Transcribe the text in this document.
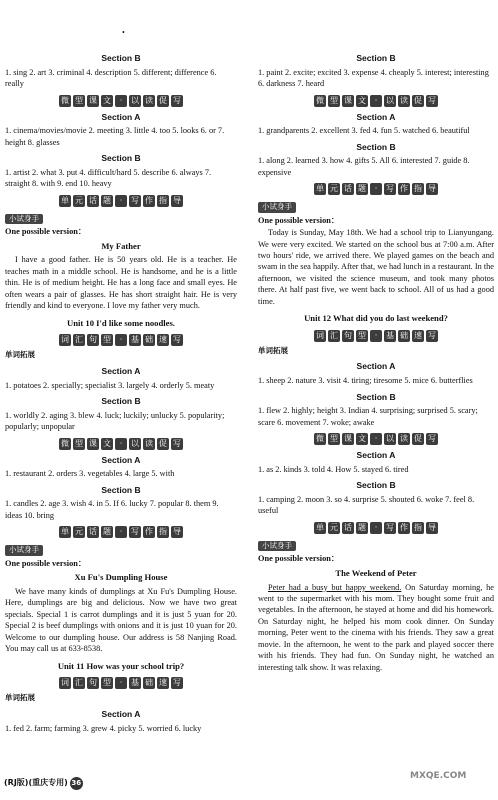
•
Section B

1. sing 2. art 3. criminal 4. description 5. different; difference 6. really

微 型 课 文	·	以 读 促 写
Section A

1. cinema/movies/movie 2. meeting 3. little 4. too 5. looks 6. or 7. height 8. glasses

Section B

1. artist 2. what 3. put 4. difficult/hard 5. describe 6. always 7. straight 8. with 9. end 10. heavy

单 元 话 题	·	写 作 指 导
小试身手
One possible version：
My Father

I have a good father. He is 50 years old. He is a teacher. He teaches math in a middle school. He is handsome, and he is a little thin. He is of medium height. He has a long face and small eyes. He often wears a pair of glasses. He has short straight hair. He is very friendly and kind to everyone. I love my father very much.

Unit 10 I'd like some noodles.
词 汇 句 型	·	基 础 速 写
单词拓展
Section A

1. potatoes 2. specially; specialist 3. largely 4. orderly 5. meaty

Section B

1. worldly 2. aging 3. blew 4. luck; luckily; unlucky 5. popularity; popularly; unpopular

微 型 课 文	·	以 读 促 写
Section A

1. restaurant 2. orders 3. vegetables 4. large 5. with

Section B

1. candles 2. age 3. wish 4. in 5. If 6. lucky 7. popular 8. them 9. ideas 10. bring

单 元 话 题	·	写 作 指 导
小试身手
One possible version：
Xu Fu's Dumpling House

We have many kinds of dumplings at Xu Fu's Dumpling House. Here, dumplings are big and delicious. Now we have two great specials. Special 1 is carrot dumplings and it is just 5 yuan for 20. Special 2 is beef dumplings with onions and it is just 10 yuan for 20. Welcome to our dumpling house. Our address is 58 Nanjing Road. You may call us at 633-8538.

Unit 11 How was your school trip?
词 汇 句 型	·	基 础 速 写
单词拓展
Section A

1. fed 2. farm; farming 3. grew 4. picky 5. worried 6. lucky

Section B

1. paint 2. excite; excited 3. expense 4. cheaply 5. interest; interesting 6. darkness 7. heard

微 型 课 文	·	以 读 促 写
Section A

1. grandparents 2. excellent 3. fed 4. fun 5. watched 6. beautiful

Section B

1. along 2. learned 3. how 4. gifts 5. All 6. interested 7. guide 8. expensive

单 元 话 题	·	写 作 指 导
小试身手
One possible version：

Today is Sunday, May 18th. We had a school trip to Lianyungang. We were very excited. We started on the school bus at 7:00 a.m. After two hours' ride, we arrived there. We played games on the beach and swam in the sea happily. After that, we had lunch in a restaurant. In the afternoon, we visited the science museum, and took many photos there. At half past five, we went back to school. All of us had a good time.

Unit 12 What did you do last weekend?
词 汇 句 型	·	基 础 速 写
单词拓展
Section A

1. sheep 2. nature 3. visit 4. tiring; tiresome 5. mice 6. butterflies

Section B

1. flew 2. highly; height 3. Indian 4. surprising; surprised 5. scary; scare 6. movement 7. woke; awake

微 型 课 文	·	以 读 促 写
Section A

1. as 2. kinds 3. told 4. How 5. stayed 6. tired

Section B

1. camping 2. moon 3. so 4. surprise 5. shouted 6. woke 7. feel 8. useful

单 元 话 题	·	写 作 指 导
小试身手
One possible version：
The Weekend of Peter

Peter had a busy but happy weekend. On Saturday morning, he went to the supermarket with his mom. They bought some fruit and vegetables. In the afternoon, he stayed at home and did his homework. On Saturday night, he helped his mom cook dinner. On Sunday morning, Peter went to the cinema with his friends. They saw a great movie. In the afternoon, he went to the park and played soccer there with his friends. They had fun. On Sunday night, he watched an interesting talk show. It was relaxing.

(RJ版)(重庆专用) 36
MXQE.COM
